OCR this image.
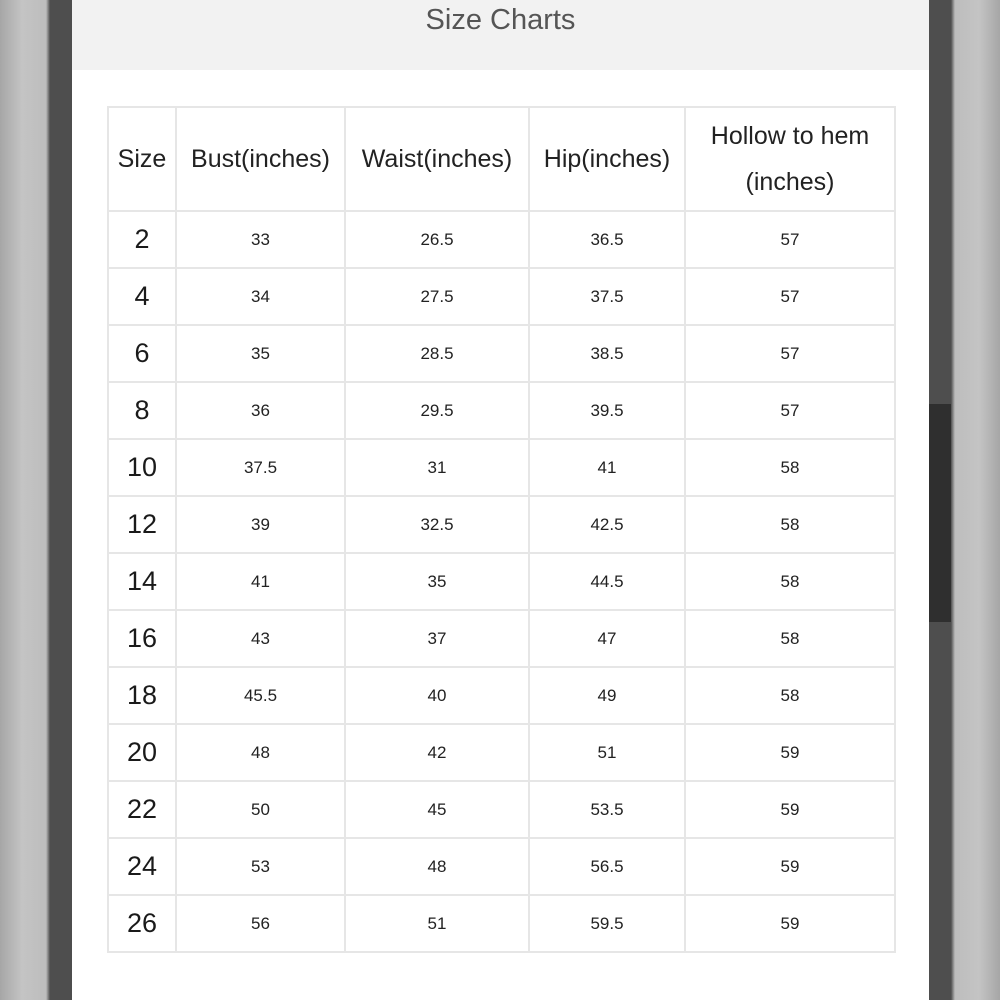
Size Charts
Size	Bust(inches)	Waist(inches)	Hip(inches)	Hollow to hem (inches)
2	33	26.5	36.5	57
4	34	27.5	37.5	57
6	35	28.5	38.5	57
8	36	29.5	39.5	57
10	37.5	31	41	58
12	39	32.5	42.5	58
14	41	35	44.5	58
16	43	37	47	58
18	45.5	40	49	58
20	48	42	51	59
22	50	45	53.5	59
24	53	48	56.5	59
26	56	51	59.5	59
